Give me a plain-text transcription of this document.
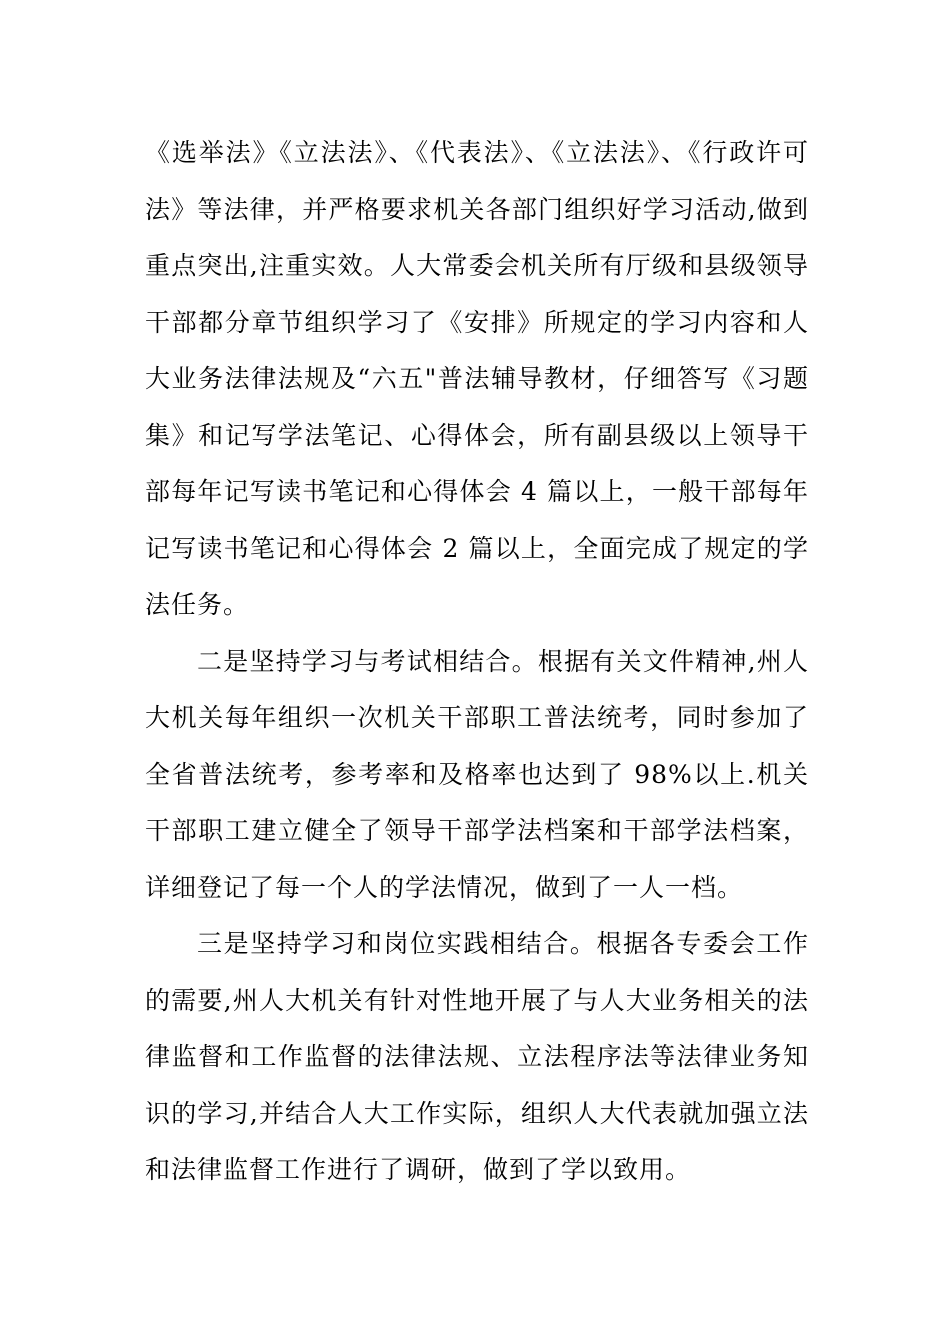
《选举法》《立法法》、《代表法》、《立法法》、《行政许可法》等法律，并严格要求机关各部门组织好学习活动,做到重点突出,注重实效。人大常委会机关所有厅级和县级领导干部都分章节组织学习了《安排》所规定的学习内容和人大业务法律法规及“六五"普法辅导教材，仔细答写《习题集》和记写学法笔记、心得体会，所有副县级以上领导干部每年记写读书笔记和心得体会 4 篇以上，一般干部每年记写读书笔记和心得体会 2 篇以上，全面完成了规定的学法任务。

二是坚持学习与考试相结合。根据有关文件精神,州人大机关每年组织一次机关干部职工普法统考，同时参加了全省普法统考，参考率和及格率也达到了 98%以上.机关干部职工建立健全了领导干部学法档案和干部学法档案，详细登记了每一个人的学法情况，做到了一人一档。

三是坚持学习和岗位实践相结合。根据各专委会工作的需要,州人大机关有针对性地开展了与人大业务相关的法律监督和工作监督的法律法规、立法程序法等法律业务知识的学习,并结合人大工作实际，组织人大代表就加强立法和法律监督工作进行了调研，做到了学以致用。
